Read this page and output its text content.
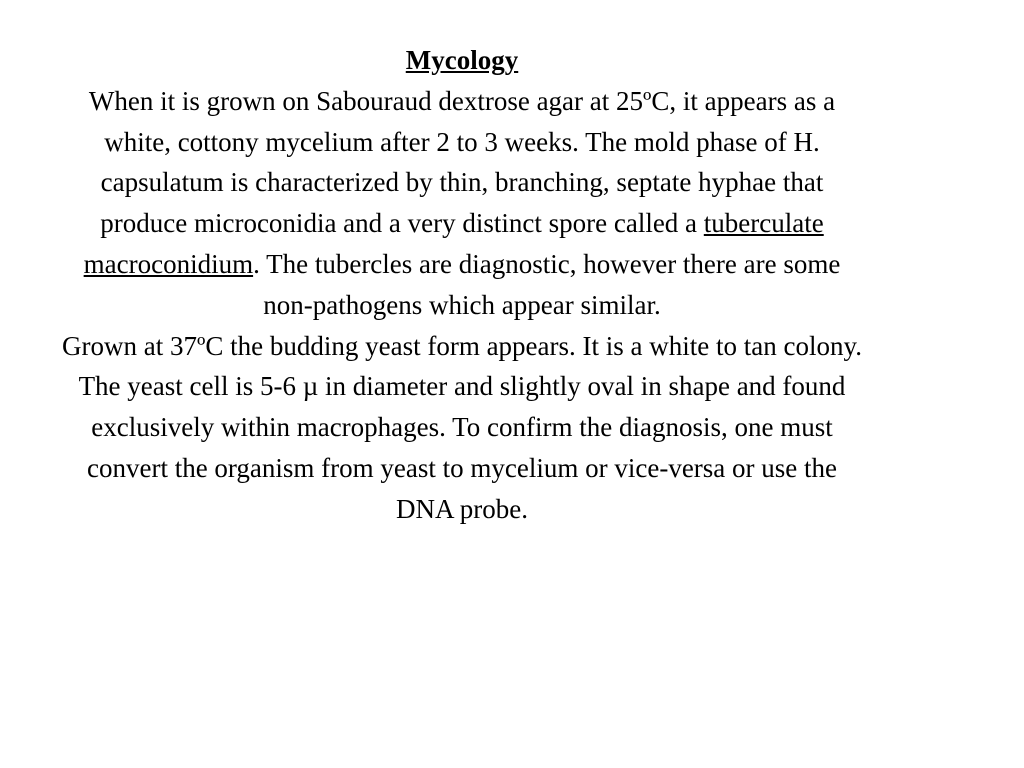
Mycology
When it is grown on Sabouraud dextrose agar at 25ºC, it appears as a white, cottony mycelium after 2 to 3 weeks. The mold phase of H. capsulatum is characterized by thin, branching, septate hyphae that produce microconidia and a very distinct spore called a tuberculate macroconidium. The tubercles are diagnostic, however there are some non-pathogens which appear similar.
Grown at 37ºC the budding yeast form appears. It is a white to tan colony. The yeast cell is 5-6 µ in diameter and slightly oval in shape and found exclusively within macrophages. To confirm the diagnosis, one must convert the organism from yeast to mycelium or vice-versa or use the DNA probe.
